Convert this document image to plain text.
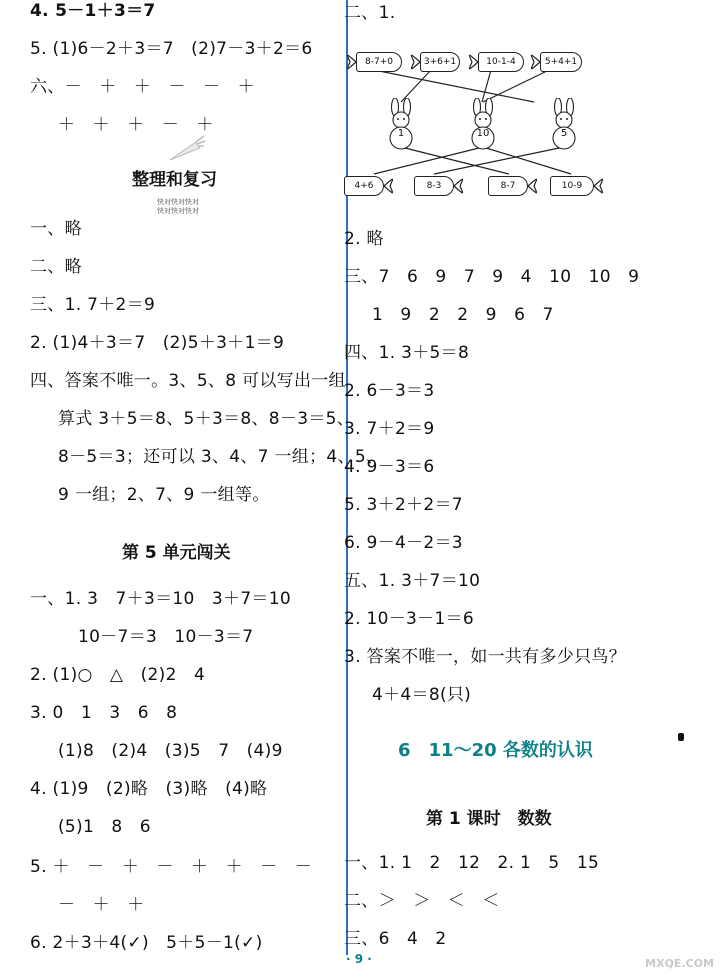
4. 5－1＋3＝7
5. (1)6－2＋3＝7　(2)7－3＋2＝6
六、－　＋　＋　－　－　＋
＋　＋　＋　－　＋
整理和复习
快对快对快对
快对快对快对
一、略
二、略
三、1. 7＋2＝9
2. (1)4＋3＝7　(2)5＋3＋1＝9
四、答案不唯一。3、5、8 可以写出一组
算式 3＋5＝8、5＋3＝8、8－3＝5、
8－5＝3；还可以 3、4、7 一组；4、5、
9 一组；2、7、9 一组等。
第 5 单元闯关
一、1. 3　7＋3＝10　3＋7＝10
10－7＝3　10－3＝7
2. (1)○　△　(2)2　4
3. 0　1　3　6　8
(1)8　(2)4　(3)5　7　(4)9
4. (1)9　(2)略　(3)略　(4)略
(5)1　8　6
5. ＋　－　＋　－　＋　＋　－　－
－　＋　＋
6. 2＋3＋4(✓)　5＋5－1(✓)
二、1.
8-7+0	3+6+1	10-1-4	5+4+1
1	10	5
4+6	8-3	8-7	10-9
2. 略
三、7　6　9　7　9　4　10　10　9
1　9　2　2　9　6　7
四、1. 3＋5＝8
2. 6－3＝3
3. 7＋2＝9
4. 9－3＝6
5. 3＋2＋2＝7
6. 9－4－2＝3
五、1. 3＋7＝10
2. 10－3－1＝6
3. 答案不唯一，如一共有多少只鸟？
4＋4＝8(只)
6　11～20 各数的认识
第 1 课时　数数
一、1. 1　2　12　2. 1　5　15
二、＞　＞　＜　＜
三、6　4　2
· 9 ·	MXQE.COM
